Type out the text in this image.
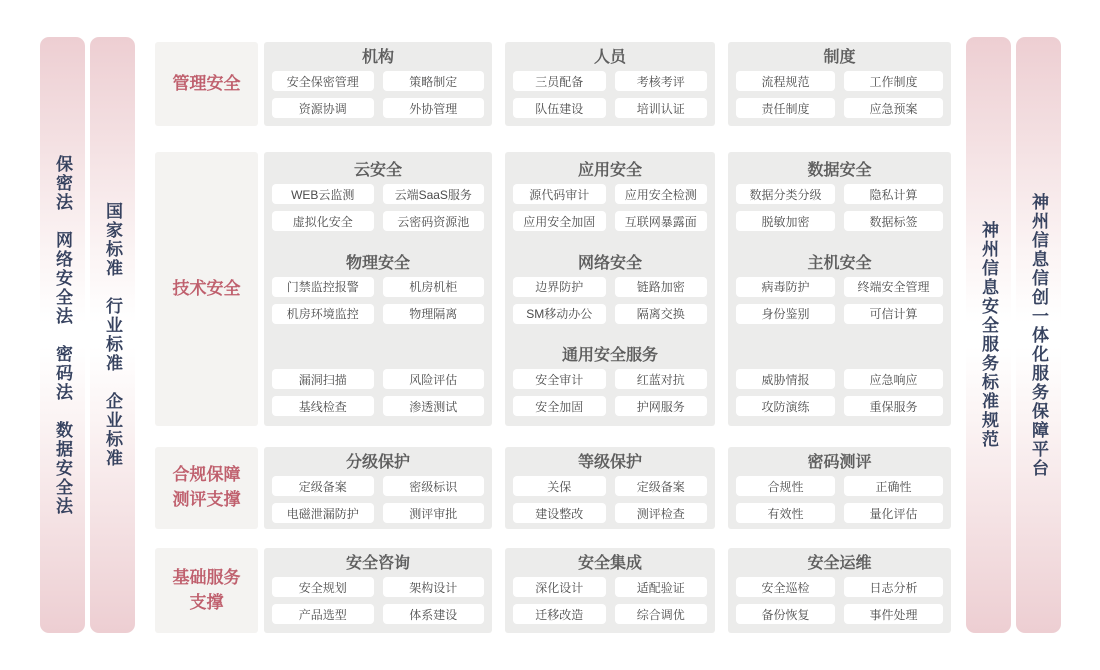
保密法　网络安全法　密码法　数据安全法 国家标准　行业标准　企业标准	神州信息安全服务标准规范 神州信息信创一体化服务保障平台
管理安全
机构
安全保密管理	策略制定
资源协调	外协管理
人员
三员配备	考核考评
队伍建设	培训认证
制度
流程规范	工作制度
责任制度	应急预案
技术安全
云安全
WEB云监测	云端SaaS服务
虚拟化安全	云密码资源池
物理安全
门禁监控报警	机房机柜
机房环境监控	物理隔离
漏洞扫描	风险评估
基线检查	渗透测试
应用安全
源代码审计	应用安全检测
应用安全加固	互联网暴露面
网络安全
边界防护	链路加密
SM移动办公	隔离交换
通用安全服务
安全审计	红蓝对抗
安全加固	护网服务
数据安全
数据分类分级	隐私计算
脱敏加密	数据标签
主机安全
病毒防护	终端安全管理
身份鉴别	可信计算
威胁情报	应急响应
攻防演练	重保服务
合规保障测评支撑
分级保护
定级备案	密级标识
电磁泄漏防护	测评审批
等级保护
关保	定级备案
建设整改	测评检查
密码测评
合规性	正确性
有效性	量化评估
基础服务支撑
安全咨询
安全规划	架构设计
产品选型	体系建设
安全集成
深化设计	适配验证
迁移改造	综合调优
安全运维
安全巡检	日志分析
备份恢复	事件处理
